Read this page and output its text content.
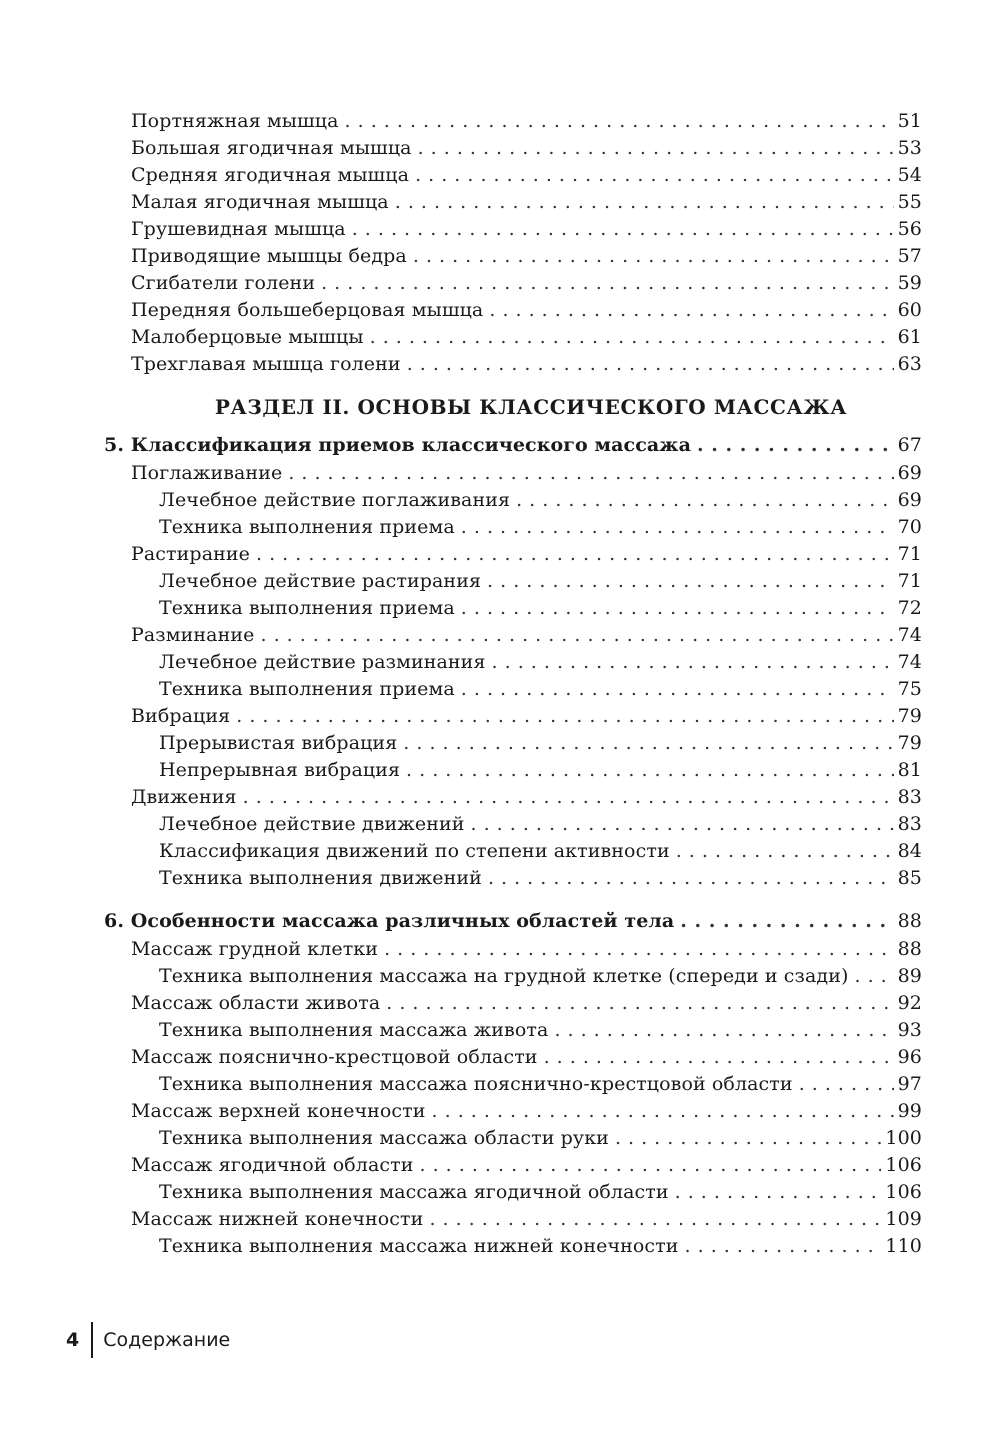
Портняжная мышца . . .	51
Большая ягодичная мышца . . .	53
Средняя ягодичная мышца . . .	54
Малая ягодичная мышца . . .	55
Грушевидная мышца . . .	56
Приводящие мышцы бедра . . .	57
Сгибатели голени . . .	59
Передняя большеберцовая мышца . . .	60
Малоберцовые мышцы . . .	61
Трехглавая мышца голени . . .	63
РАЗДЕЛ II. ОСНОВЫ КЛАССИЧЕСКОГО МАССАЖА
5. Классификация приемов классического массажа . . .	67
Поглаживание . . .	69
Лечебное действие поглаживания . . .	69
Техника выполнения приема . . .	70
Растирание . . .	71
Лечебное действие растирания . . .	71
Техника выполнения приема . . .	72
Разминание . . .	74
Лечебное действие разминания . . .	74
Техника выполнения приема . . .	75
Вибрация . . .	79
Прерывистая вибрация . . .	79
Непрерывная вибрация . . .	81
Движения . . .	83
Лечебное действие движений . . .	83
Классификация движений по степени активности . . .	84
Техника выполнения движений . . .	85
6. Особенности массажа различных областей тела . . .	88
Массаж грудной клетки . . .	88
Техника выполнения массажа на грудной клетке (спереди и сзади) . . .	89
Массаж области живота . . .	92
Техника выполнения массажа живота . . .	93
Массаж пояснично-крестцовой области . . .	96
Техника выполнения массажа пояснично-крестцовой области . . .	97
Массаж верхней конечности . . .	99
Техника выполнения массажа области руки . . .	100
Массаж ягодичной области . . .	106
Техника выполнения массажа ягодичной области . . .	106
Массаж нижней конечности . . .	109
Техника выполнения массажа нижней конечности . . .	110
4	Содержание
